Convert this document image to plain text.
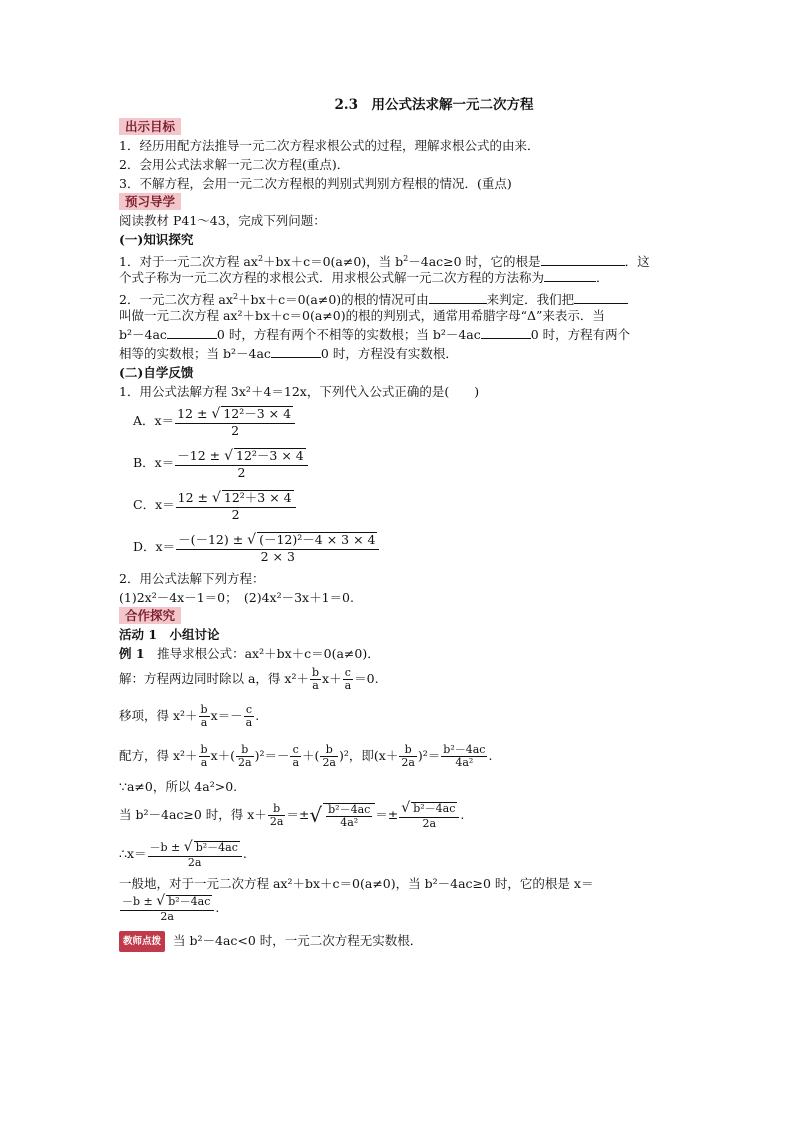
2.3　用公式法求解一元二次方程
出示目标
1．经历用配方法推导一元二次方程求根公式的过程，理解求根公式的由来．
2．会用公式法求解一元二次方程(重点)．
3．不解方程，会用一元二次方程根的判别式判别方程根的情况．(重点)
预习导学
阅读教材 P41～43，完成下列问题：
(一)知识探究
1．对于一元二次方程 $ax^2+bx+c=0(a\ne 0)$，当 $b^2-4ac\ge 0$ 时，它的根是	．这
个式子称为一元二次方程的求根公式．用求根公式解一元二次方程的方法称为	．
2．一元二次方程 $ax^2+bx+c=0(a\ne 0)$的根的情况可由	来判定．我们把
叫做一元二次方程 ax²＋bx＋c＝0(a≠0)的根的判别式，通常用希腊字母“Δ”来表示．当
b²－4ac	0 时，方程有两个不相等的实数根；当 b²－4ac	0 时，方程有两个
相等的实数根；当 b²－4ac	0 时，方程没有实数根．
(二)自学反馈
1．用公式法解方程 3x²＋4＝12x，下列代入公式正确的是(　　)
A．$x= \frac{\text{12 ± √ 12²－3 × 4}}{2}$
B．$x= \frac{\text{－12 ± √ 12²－3 × 4}}{2}$
C．$x= \frac{\text{12 ± √ 12²＋3 × 4}}{2}$
D．$x= \frac{\text{－(－12) ± √ (－12)²－4 × 3 × 4}}{2 \times 3}$
2．用公式法解下列方程：
(1)2x²－4x－1＝0；　(2)4x²－3x＋1＝0.
合作探究
活动 1　小组讨论
例 1　推导求根公式：ax²＋bx＋c＝0(a≠0)．
解：方程两边同时除以 a，得 $x^2+ \frac{b}{a} x+ \frac{c}{a} =0$.
移项，得 $x^2+ \frac{b}{a} x=- \frac{c}{a}$ .
配方，得 $x^2+ \frac{b}{a} x+( \frac{b}{2a} )^2=- \frac{c}{a}$ ＋( $\frac{b}{2a} )^2$，即$(x+ \frac{b}{2a} )^2= \frac{\text{b²－4ac}}{\text{4a²}}$ .
∵a≠0，所以 4a²>0.
当 b²－4ac≥0 时，得 $x+ \frac{b}{2a}$ ＝± √ $\frac{\text{b²－4ac}}{\text{4a²}} =\pm \frac{\text{√ b²－4ac}}{2a}$ .
∴x＝ $\frac{\text{－b ± √ b²－4ac}}{2a}$ .
一般地，对于一元二次方程 ax²＋bx＋c＝0(a≠0)，当 b²－4ac≥0 时，它的根是 x＝
$\frac{\text{－b ± √ b²－4ac}}{2a}$ .
教师点拨 当 b²－4ac<0 时，一元二次方程无实数根．
